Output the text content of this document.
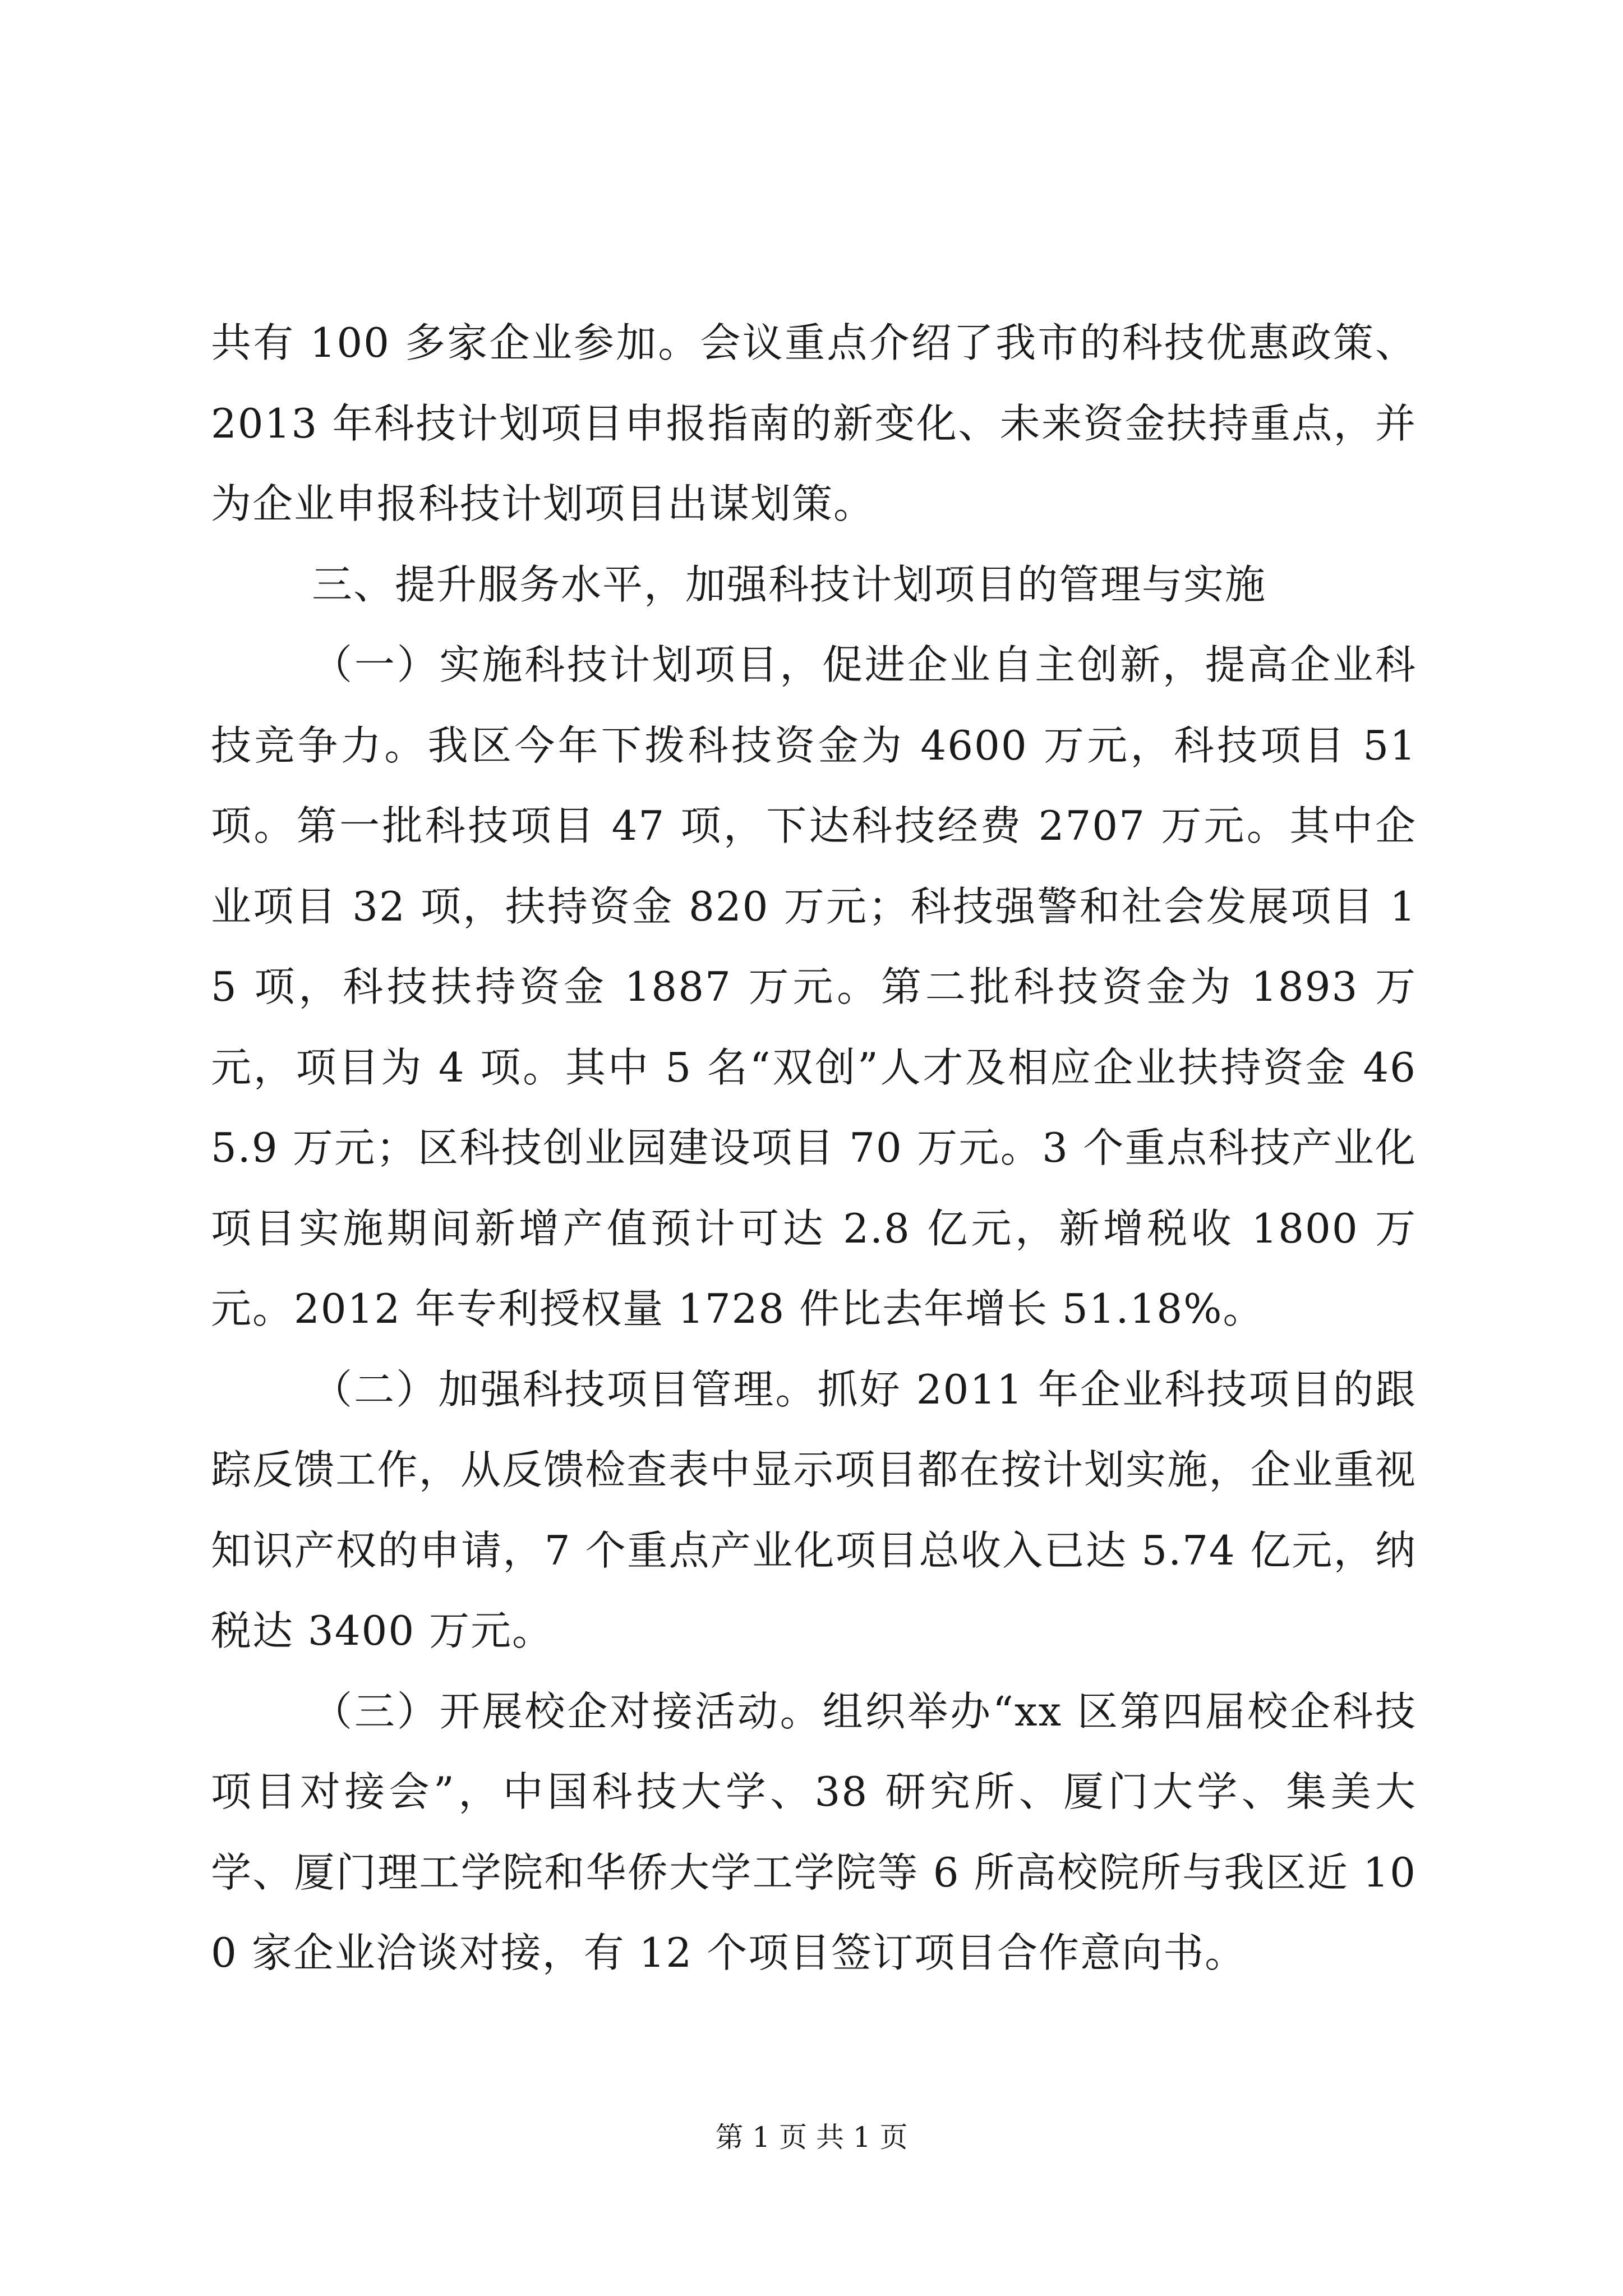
共有 100 多家企业参加。会议重点介绍了我市的科技优惠政策、2013 年科技计划项目申报指南的新变化、未来资金扶持重点，并为企业申报科技计划项目出谋划策。

三、提升服务水平，加强科技计划项目的管理与实施

（一）实施科技计划项目，促进企业自主创新，提高企业科技竞争力。我区今年下拨科技资金为 4600 万元，科技项目 51 项。第一批科技项目 47 项，下达科技经费 2707 万元。其中企业项目 32 项，扶持资金 820 万元；科技强警和社会发展项目 15 项，科技扶持资金 1887 万元。第二批科技资金为 1893 万元，项目为 4 项。其中 5 名“双创”人才及相应企业扶持资金 465.9 万元；区科技创业园建设项目 70 万元。3 个重点科技产业化项目实施期间新增产值预计可达 2.8 亿元，新增税收 1800 万元。2012 年专利授权量 1728 件比去年增长 51.18%。

（二）加强科技项目管理。抓好 2011 年企业科技项目的跟踪反馈工作，从反馈检查表中显示项目都在按计划实施，企业重视知识产权的申请，7 个重点产业化项目总收入已达 5.74 亿元，纳税达 3400 万元。

（三）开展校企对接活动。组织举办“xx 区第四届校企科技项目对接会”，中国科技大学、38 研究所、厦门大学、集美大学、厦门理工学院和华侨大学工学院等 6 所高校院所与我区近 100 家企业洽谈对接，有 12 个项目签订项目合作意向书。

第 1 页 共 1 页
